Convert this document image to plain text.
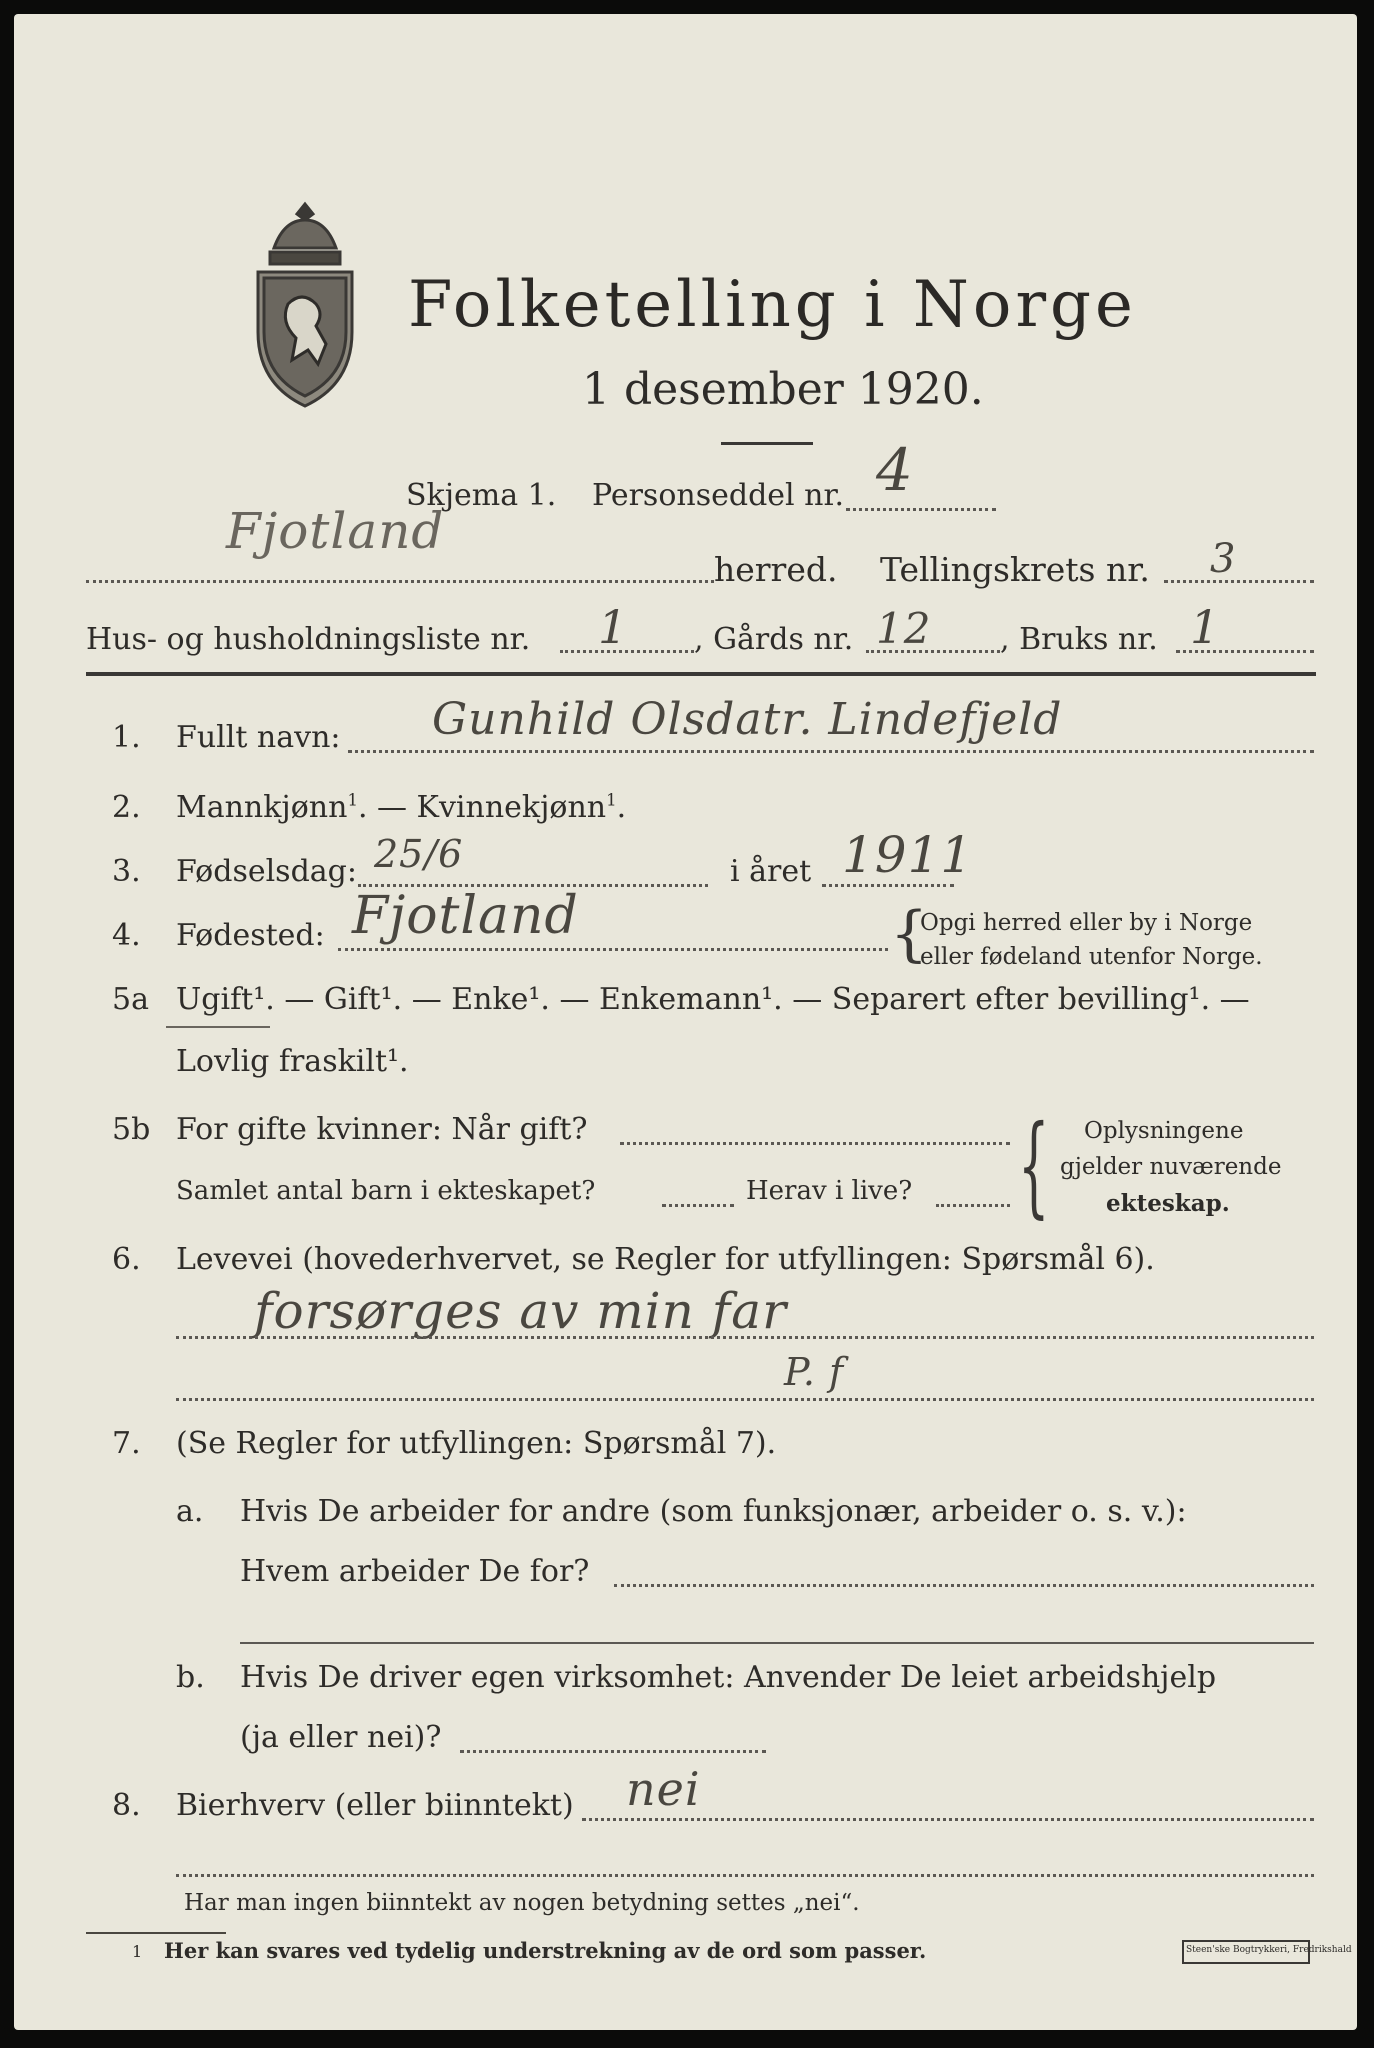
Folketelling i Norge
1 desember 1920.
Skjema 1. Personseddel nr. 4
Fjotland
herred. Tellingskrets nr. 3
Hus- og husholdningsliste nr. 1 , Gårds nr. 12 , Bruks nr. 1
1. Fullt navn: Gunhild Olsdatr. Lindefjeld
2. Mannkjønn$^1$. — Kvinnekjønn$^1$.
3. Fødselsdag: 25/6	i året 1911
4. Fødested: Fjotland	{
Opgi herred eller by i Norge
eller fødeland utenfor Norge.
5a Ugift¹. — Gift¹. — Enke¹. — Enkemann¹. — Separert efter bevilling¹. —
Lovlig fraskilt¹.
5b For gifte kvinner: Når gift?
Samlet antal barn i ekteskapet?	Herav i live? { Oplysningene
gjelder nuværende
ekteskap.
6. Levevei (hovederhvervet, se Regler for utfyllingen: Spørsmål 6).
forsørges av min far
P. f
7. (Se Regler for utfyllingen: Spørsmål 7).
a. Hvis De arbeider for andre (som funksjonær, arbeider o. s. v.):
Hvem arbeider De for?
b. Hvis De driver egen virksomhet: Anvender De leiet arbeidshjelp
(ja eller nei)?
8. Bierhverv (eller biinntekt) nei
Har man ingen biinntekt av nogen betydning settes „nei“.
1 Her kan svares ved tydelig understrekning av de ord som passer.	Steen'ske Bogtrykkeri, Fredrikshald
